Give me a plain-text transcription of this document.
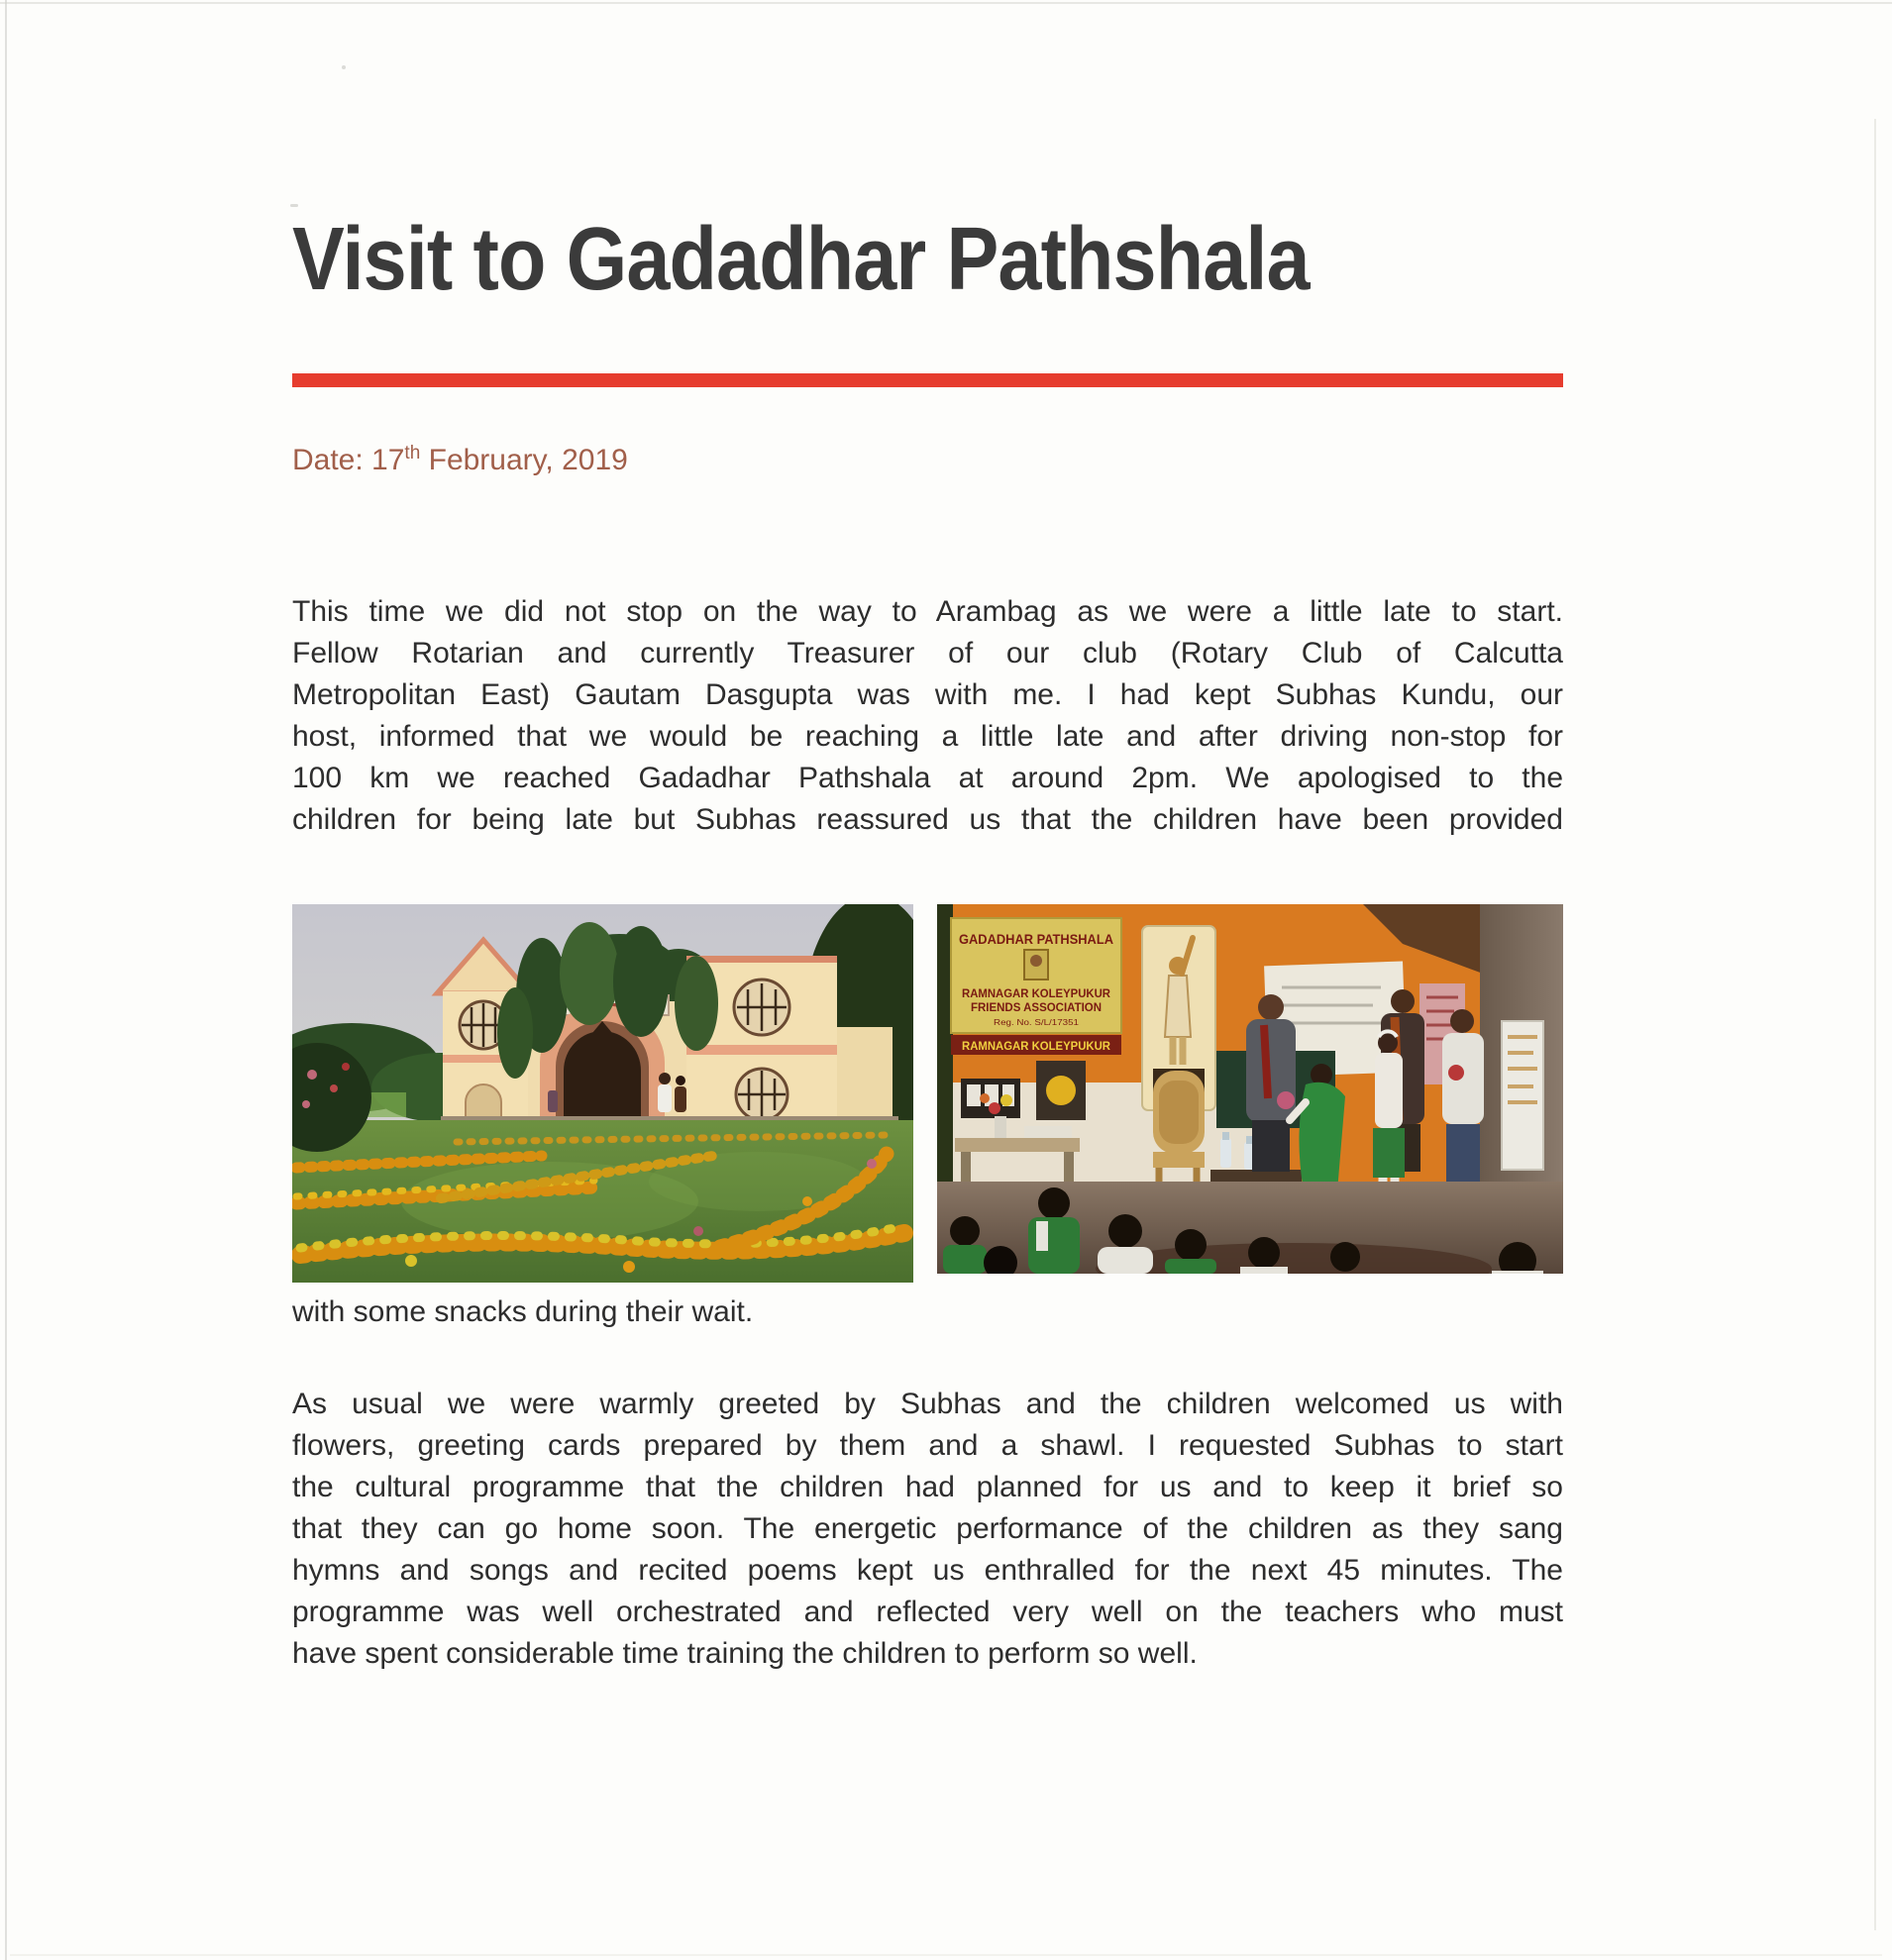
Visit to Gadadhar Pathshala

Date: 17th February, 2019

This time we did not stop on the way to Arambag as we were a little late to start.
Fellow Rotarian and currently Treasurer of our club (Rotary Club of Calcutta
Metropolitan East) Gautam Dasgupta was with me. I had kept Subhas Kundu, our
host, informed that we would be reaching a little late and after driving non-stop for
100 km we reached Gadadhar Pathshala at around 2pm. We apologised to the
children for being late but Subhas reassured us that the children have been provided
GADADHAR PATHSHALA
RAMNAGAR KOLEYPUKUR
FRIENDS ASSOCIATION
Reg. No. S/L/17351
RAMNAGAR KOLEYPUKUR

with some snacks during their wait.

As usual we were warmly greeted by Subhas and the children welcomed us with
flowers, greeting cards prepared by them and a shawl. I requested Subhas to start
the cultural programme that the children had planned for us and to keep it brief so
that they can go home soon. The energetic performance of the children as they sang
hymns and songs and recited poems kept us enthralled for the next 45 minutes. The
programme was well orchestrated and reflected very well on the teachers who must
have spent considerable time training the children to perform so well.
